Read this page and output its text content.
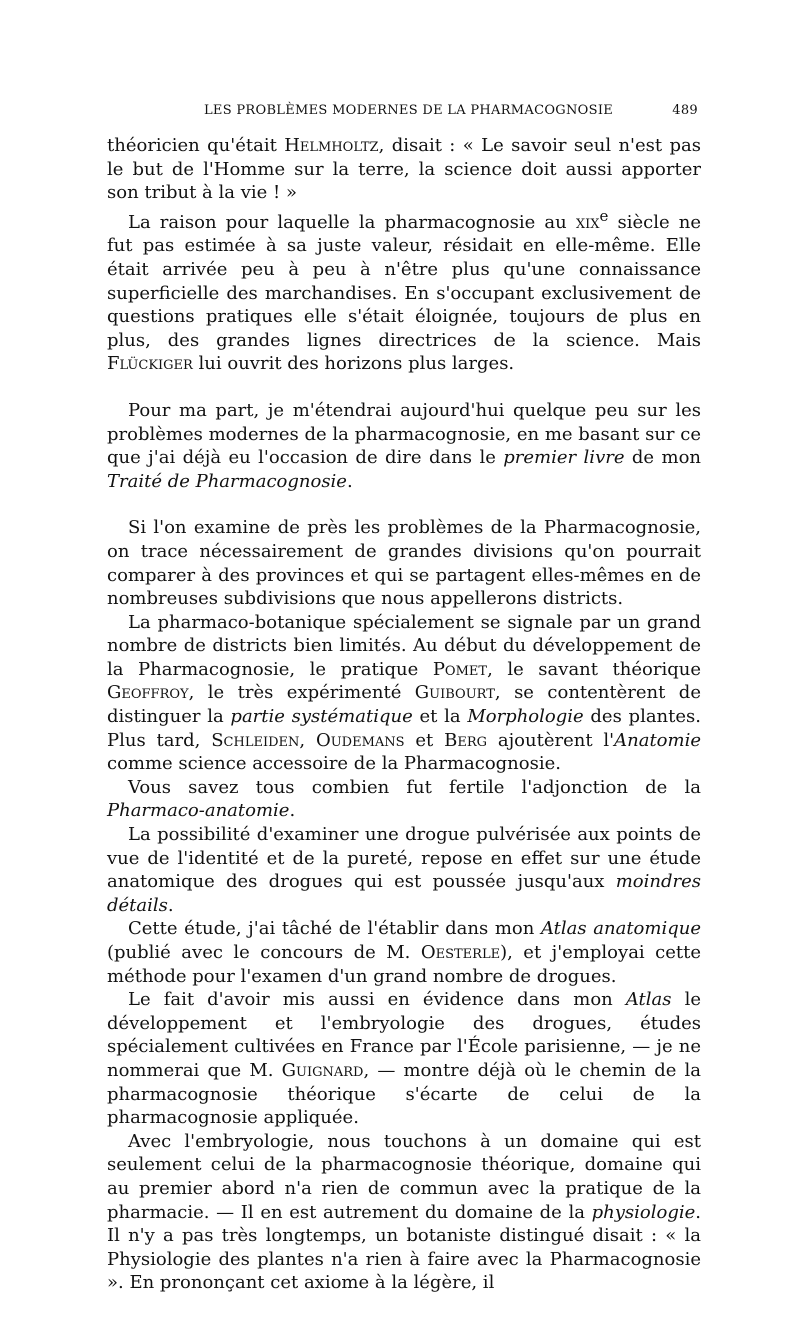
LES PROBLÈMES MODERNES DE LA PHARMACOGNOSIE	489

théoricien qu'était Helmholtz, disait : « Le savoir seul n'est pas le but de l'Homme sur la terre, la science doit aussi apporter son tribut à la vie ! »

La raison pour laquelle la pharmacognosie au xix$^e$ siècle ne fut pas estimée à sa juste valeur, résidait en elle-même. Elle était arrivée peu à peu à n'être plus qu'une connaissance superficielle des marchandises. En s'occupant exclusivement de questions pratiques elle s'était éloignée, toujours de plus en plus, des grandes lignes directrices de la science. Mais Flückiger lui ouvrit des horizons plus larges.

Pour ma part, je m'étendrai aujourd'hui quelque peu sur les problèmes modernes de la pharmacognosie, en me basant sur ce que j'ai déjà eu l'occasion de dire dans le premier livre de mon Traité de Pharmacognosie.

Si l'on examine de près les problèmes de la Pharmacognosie, on trace nécessairement de grandes divisions qu'on pourrait comparer à des provinces et qui se partagent elles-mêmes en de nombreuses subdivisions que nous appellerons districts.

La pharmaco-botanique spécialement se signale par un grand nombre de districts bien limités. Au début du développement de la Pharmacognosie, le pratique Pomet, le savant théorique Geoffroy, le très expérimenté Guibourt, se contentèrent de distinguer la partie systématique et la Morphologie des plantes. Plus tard, Schleiden, Oudemans et Berg ajoutèrent l'Anatomie comme science accessoire de la Pharmacognosie.

Vous savez tous combien fut fertile l'adjonction de la Pharmaco-anatomie.

La possibilité d'examiner une drogue pulvérisée aux points de vue de l'identité et de la pureté, repose en effet sur une étude anatomique des drogues qui est poussée jusqu'aux moindres détails.

Cette étude, j'ai tâché de l'établir dans mon Atlas anatomique (publié avec le concours de M. Oesterle), et j'employai cette méthode pour l'examen d'un grand nombre de drogues.

Le fait d'avoir mis aussi en évidence dans mon Atlas le développement et l'embryologie des drogues, études spécialement cultivées en France par l'École parisienne, — je ne nommerai que M. Guignard, — montre déjà où le chemin de la pharmacognosie théorique s'écarte de celui de la pharmacognosie appliquée.

Avec l'embryologie, nous touchons à un domaine qui est seulement celui de la pharmacognosie théorique, domaine qui au premier abord n'a rien de commun avec la pratique de la pharmacie. — Il en est autrement du domaine de la physiologie. Il n'y a pas très longtemps, un botaniste distingué disait : « la Physiologie des plantes n'a rien à faire avec la Pharmacognosie ». En prononçant cet axiome à la légère, il
